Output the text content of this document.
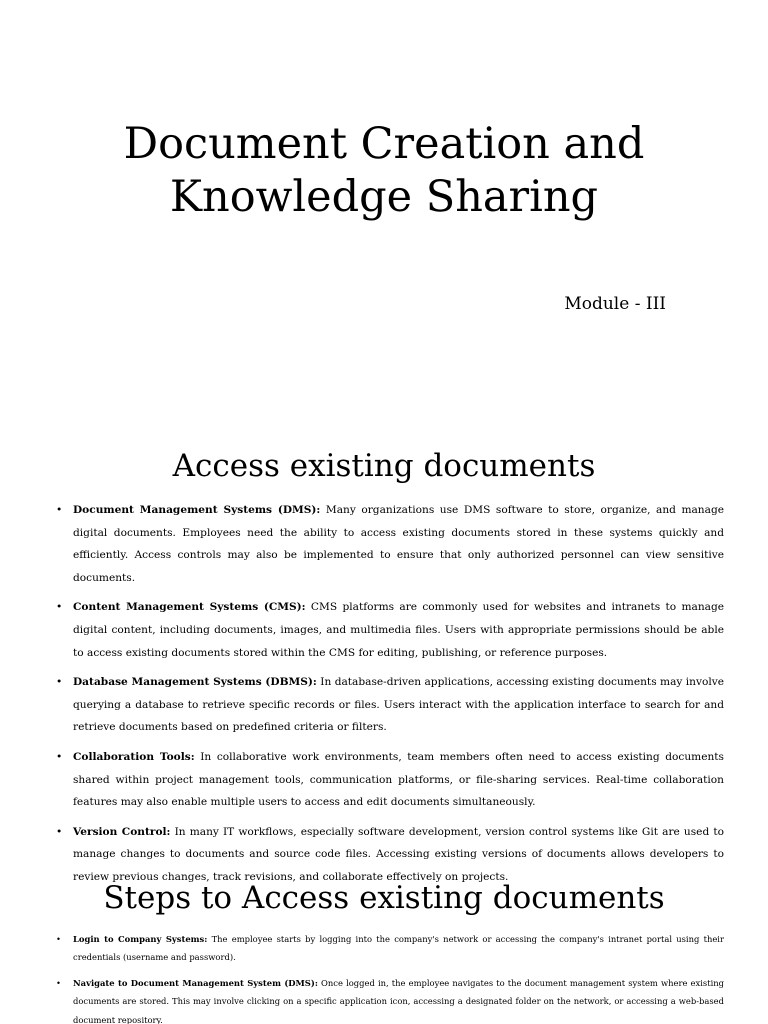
Document Creation and
Knowledge Sharing

Module - III

Access existing documents
• Document Management Systems (DMS): Many organizations use DMS software to store, organize, and manage digital documents. Employees need the ability to access existing documents stored in these systems quickly and efficiently. Access controls may also be implemented to ensure that only authorized personnel can view sensitive documents.
• Content Management Systems (CMS): CMS platforms are commonly used for websites and intranets to manage digital content, including documents, images, and multimedia files. Users with appropriate permissions should be able to access existing documents stored within the CMS for editing, publishing, or reference purposes.
• Database Management Systems (DBMS): In database-driven applications, accessing existing documents may involve querying a database to retrieve specific records or files. Users interact with the application interface to search for and retrieve documents based on predefined criteria or filters.
• Collaboration Tools: In collaborative work environments, team members often need to access existing documents shared within project management tools, communication platforms, or file-sharing services. Real-time collaboration features may also enable multiple users to access and edit documents simultaneously.
• Version Control: In many IT workflows, especially software development, version control systems like Git are used to manage changes to documents and source code files. Accessing existing versions of documents allows developers to review previous changes, track revisions, and collaborate effectively on projects.
Steps to Access existing documents
• Login to Company Systems: The employee starts by logging into the company's network or accessing the company's intranet portal using their credentials (username and password).
• Navigate to Document Management System (DMS): Once logged in, the employee navigates to the document management system where existing documents are stored. This may involve clicking on a specific application icon, accessing a designated folder on the network, or accessing a web-based document repository.
